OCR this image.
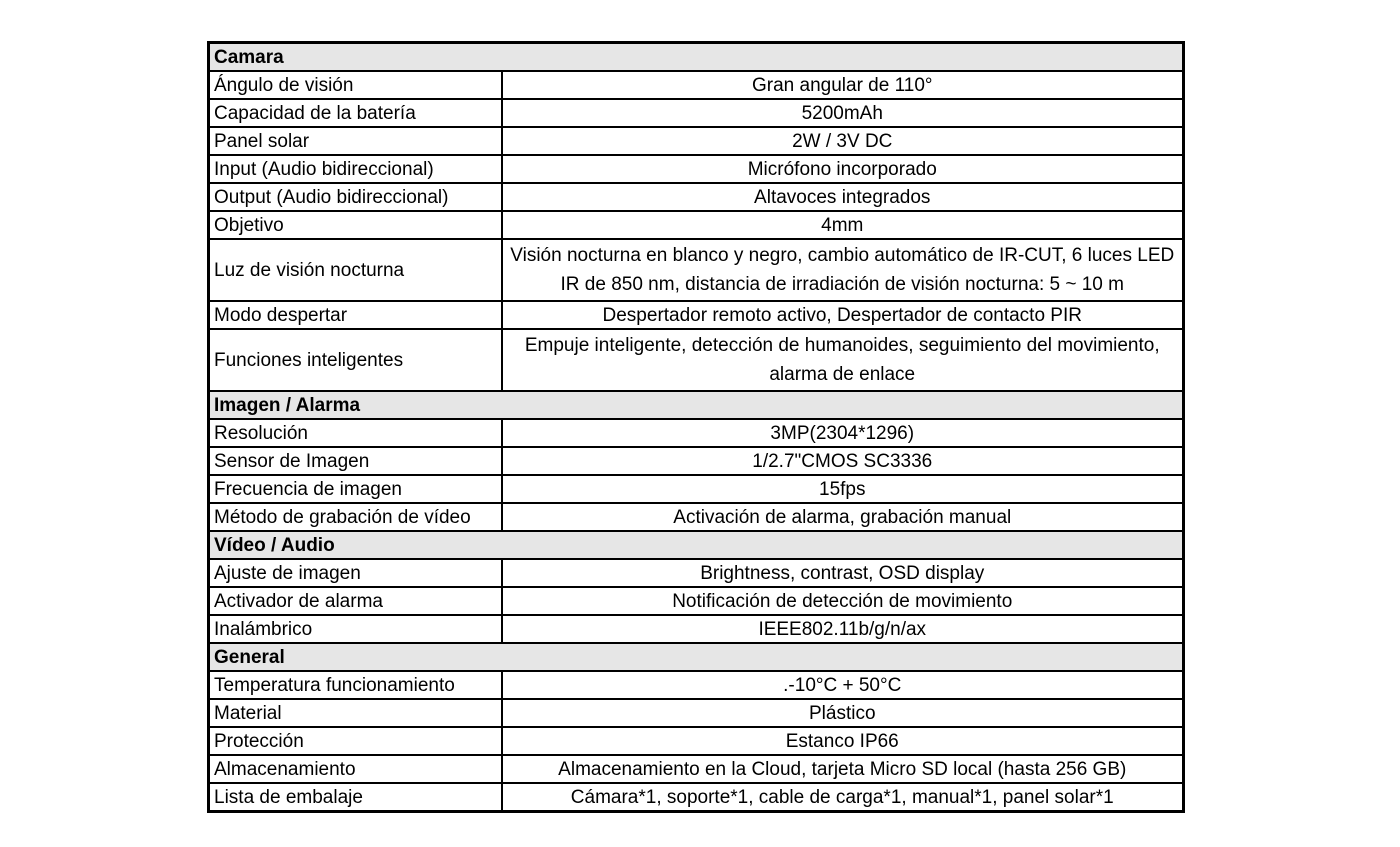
Camara	
Ángulo de visión	Gran angular de 110°
Capacidad de la batería	5200mAh
Panel solar	2W / 3V DC
Input (Audio bidireccional)	Micrófono incorporado
Output (Audio bidireccional)	Altavoces integrados
Objetivo	4mm
Luz de visión nocturna	Visión nocturna en blanco y negro, cambio automático de IR-CUT, 6 luces LED IR de 850 nm, distancia de irradiación de visión nocturna: 5 ~ 10 m
Modo despertar	Despertador remoto activo, Despertador de contacto PIR
Funciones inteligentes	Empuje inteligente, detección de humanoides, seguimiento del movimiento, alarma de enlace
Imagen / Alarma	
Resolución	3MP(2304*1296)
Sensor de Imagen	1/2.7"CMOS SC3336
Frecuencia de imagen	15fps
Método de grabación de vídeo	Activación de alarma, grabación manual
Vídeo / Audio	
Ajuste de imagen	Brightness, contrast, OSD display
Activador de alarma	Notificación de detección de movimiento
Inalámbrico	IEEE802.11b/g/n/ax
General	
Temperatura funcionamiento	.-10°C + 50°C
Material	Plástico
Protección	Estanco IP66
Almacenamiento	Almacenamiento en la Cloud, tarjeta Micro SD local (hasta 256 GB)
Lista de embalaje	Cámara*1, soporte*1, cable de carga*1, manual*1, panel solar*1
